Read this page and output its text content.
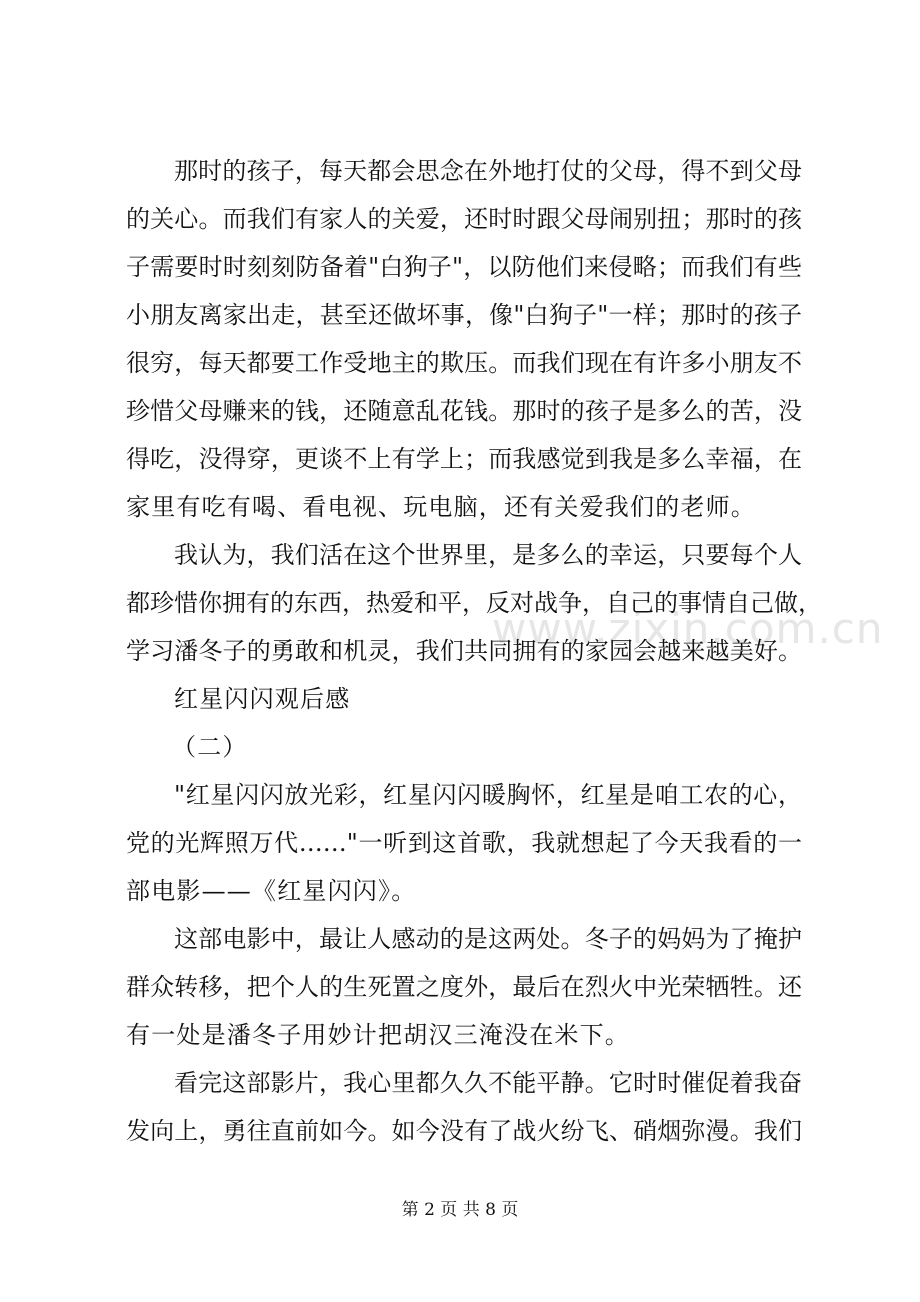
www.zixin.com.cn
那时的孩子，每天都会思念在外地打仗的父母，得不到父母
的关心。而我们有家人的关爱，还时时跟父母闹别扭；那时的孩
子需要时时刻刻防备着"白狗子"，以防他们来侵略；而我们有些
小朋友离家出走，甚至还做坏事，像"白狗子"一样；那时的孩子
很穷，每天都要工作受地主的欺压。而我们现在有许多小朋友不
珍惜父母赚来的钱，还随意乱花钱。那时的孩子是多么的苦，没
得吃，没得穿，更谈不上有学上；而我感觉到我是多么幸福，在
家里有吃有喝、看电视、玩电脑，还有关爱我们的老师。
我认为，我们活在这个世界里，是多么的幸运，只要每个人
都珍惜你拥有的东西，热爱和平，反对战争，自己的事情自己做，
学习潘冬子的勇敢和机灵，我们共同拥有的家园会越来越美好。
红星闪闪观后感
（二）
"红星闪闪放光彩，红星闪闪暖胸怀，红星是咱工农的心，
党的光辉照万代……"一听到这首歌，我就想起了今天我看的一
部电影——《红星闪闪》。
这部电影中，最让人感动的是这两处。冬子的妈妈为了掩护
群众转移，把个人的生死置之度外，最后在烈火中光荣牺牲。还
有一处是潘冬子用妙计把胡汉三淹没在米下。
看完这部影片，我心里都久久不能平静。它时时催促着我奋
发向上，勇往直前如今。如今没有了战火纷飞、硝烟弥漫。我们
第 2 页 共 8 页
